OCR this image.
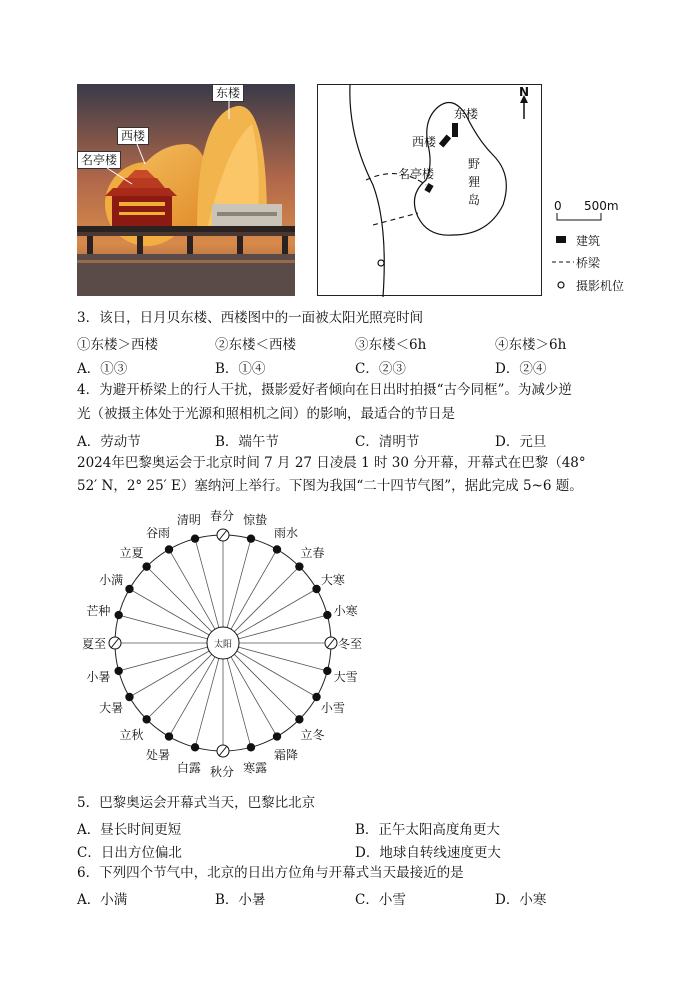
东楼
西楼
名亭楼
N
东楼
西楼
名亭楼
野
狸
岛	0 500m
建筑
桥梁
摄影机位
3．该日，日月贝东楼、西楼图中的一面被太阳光照亮时间
①东楼＞西楼	②东楼＜西楼	③东楼＜6h	④东楼＞6h
A．①③	B．①④	C．②③	D．②④
4．为避开桥梁上的行人干扰，摄影爱好者倾向在日出时拍摄“古今同框”。为减少逆
光（被摄主体处于光源和照相机之间）的影响，最适合的节日是
A．劳动节	B．端午节	C．清明节	D．元旦
2024年巴黎奥运会于北京时间 7 月 27 日凌晨 1 时 30 分开幕，开幕式在巴黎（48°
52′ N，2° 25′ E）塞纳河上举行。下图为我国“二十四节气图”，据此完成 5~6 题。
春分 惊蛰
雨水
立春
大寒
小寒
冬至
大雪
小雪
立冬
霜降
寒露
秋分
白露
处暑
立秋
大暑
小暑
夏至
芒种
小满
立夏
谷雨
清明
太阳
5．巴黎奥运会开幕式当天，巴黎比北京
A．昼长时间更短	B．正午太阳高度角更大
C．日出方位偏北	D．地球自转线速度更大
6．下列四个节气中，北京的日出方位角与开幕式当天最接近的是
A．小满	B．小暑	C．小雪	D．小寒
